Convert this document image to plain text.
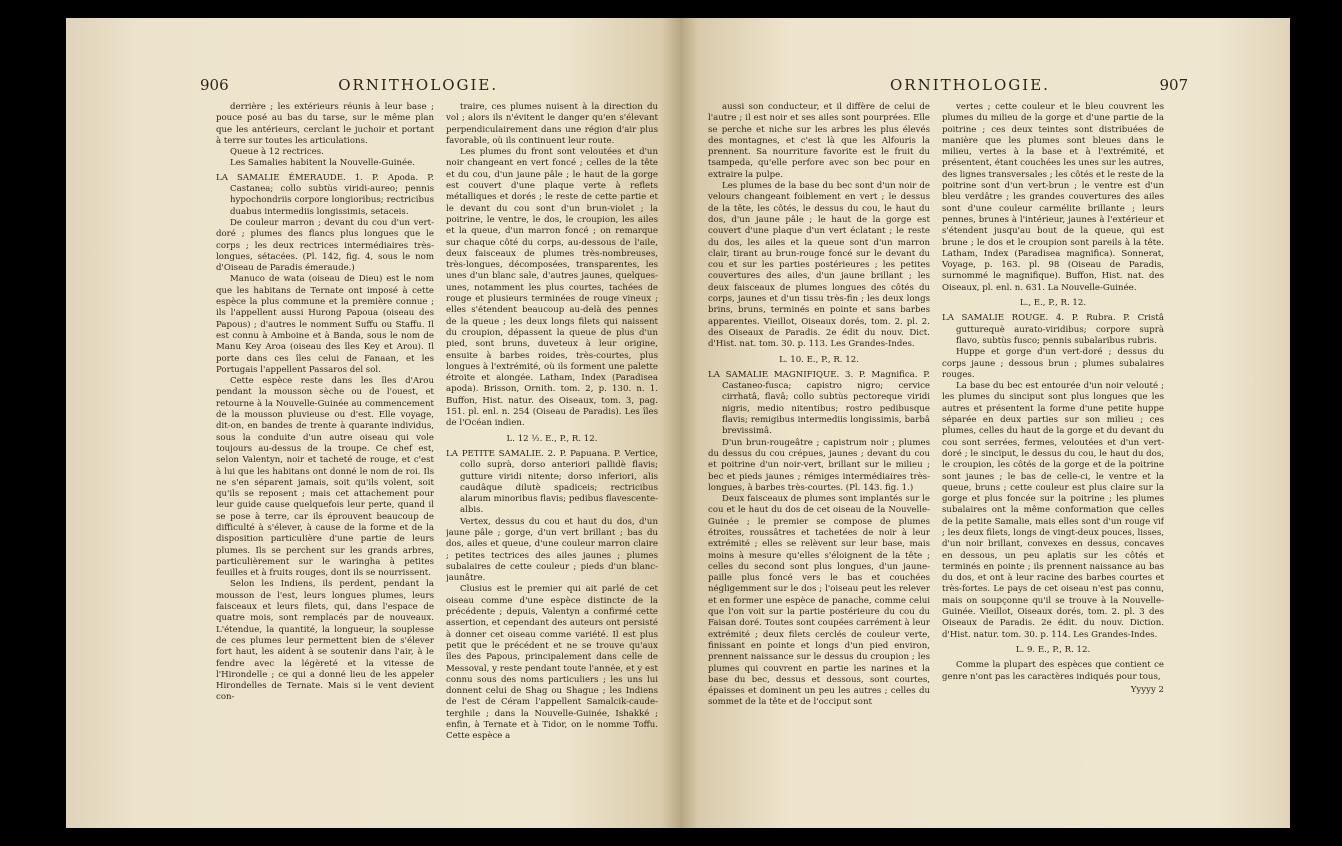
906	ORNITHOLOGIE.

derrière ; les extérieurs réunis à leur base ; pouce posé au bas du tarse, sur le même plan que les antérieurs, cerclant le juchoir et portant à terre sur toutes les articulations.

Queue à 12 rectrices.

Les Samalies habitent la Nouvelle-Guinée.

LA SAMALIE ÉMERAUDE. 1. P. Apoda. P. Castanea; collo subtùs viridi-aureo; pennis hypochondriis corpore longioribus; rectricibus duabus intermediis longissimis, setaceis.

De couleur marron ; devant du cou d'un vert-doré ; plumes des flancs plus longues que le corps ; les deux rectrices intermédiaires très-longues, sétacées. (Pl. 142, fig. 4, sous le nom d'Oiseau de Paradis émeraude.)

Manuco de wata (oiseau de Dieu) est le nom que les habitans de Ternate ont imposé à cette espèce la plus commune et la première connue ; ils l'appellent aussi Hurong Papoua (oiseau des Papous) ; d'autres le nomment Suffu ou Staffu. Il est connu à Amboine et à Banda, sous le nom de Manu Key Aroa (oiseau des îles Key et Arou). Il porte dans ces îles celui de Fanaan, et les Portugais l'appellent Passaros del sol.

Cette espèce reste dans les îles d'Arou pendant la mousson sèche ou de l'ouest, et retourne à la Nouvelle-Guinée au commencement de la mousson pluvieuse ou d'est. Elle voyage, dit-on, en bandes de trente à quarante individus, sous la conduite d'un autre oiseau qui vole toujours au-dessus de la troupe. Ce chef est, selon Valentyn, noir et tacheté de rouge, et c'est à lui que les habitans ont donné le nom de roi. Ils ne s'en séparent jamais, soit qu'ils volent, soit qu'ils se reposent ; mais cet attachement pour leur guide cause quelquefois leur perte, quand il se pose à terre, car ils éprouvent beaucoup de difficulté à s'élever, à cause de la forme et de la disposition particulière d'une partie de leurs plumes. Ils se perchent sur les grands arbres, particulièrement sur le waringha à petites feuilles et à fruits rouges, dont ils se nourrissent.

Selon les Indiens, ils perdent, pendant la mousson de l'est, leurs longues plumes, leurs faisceaux et leurs filets, qui, dans l'espace de quatre mois, sont remplacés par de nouveaux. L'étendue, la quantité, la longueur, la souplesse de ces plumes leur permettent bien de s'élever fort haut, les aident à se soutenir dans l'air, à le fendre avec la légèreté et la vitesse de l'Hirondelle ; ce qui a donné lieu de les appeler Hirondelles de Ternate. Mais si le vent devient con-

traire, ces plumes nuisent à la direction du vol ; alors ils n'évitent le danger qu'en s'élevant perpendiculairement dans une région d'air plus favorable, où ils continuent leur route.

Les plumes du front sont veloutées et d'un noir changeant en vert foncé ; celles de la tête et du cou, d'un jaune pâle ; le haut de la gorge est couvert d'une plaque verte à reflets métalliques et dorés ; le reste de cette partie et le devant du cou sont d'un brun-violet ; la poitrine, le ventre, le dos, le croupion, les ailes et la queue, d'un marron foncé ; on remarque sur chaque côté du corps, au-dessous de l'aile, deux faisceaux de plumes très-nombreuses, très-longues, décomposées, transparentes, les unes d'un blanc sale, d'autres jaunes, quelques-unes, notamment les plus courtes, tachées de rouge et plusieurs terminées de rouge vineux ; elles s'étendent beaucoup au-delà des pennes de la queue ; les deux longs filets qui naissent du croupion, dépassent la queue de plus d'un pied, sont bruns, duveteux à leur origine, ensuite à barbes roides, très-courtes, plus longues à l'extrémité, où ils forment une palette étroite et alongée. Latham, Index (Paradisea apoda). Brisson, Ornith. tom. 2, p. 130. n. 1. Buffon, Hist. natur. des Oiseaux, tom. 3, pag. 151. pl. enl. n. 254 (Oiseau de Paradis). Les îles de l'Océan indien.

L. 12 ½. E., P., R. 12.

LA PETITE SAMALIE. 2. P. Papuana. P. Vertice, collo suprà, dorso anteriori pallidè flavis; gutture viridi nitente; dorso inferiori, alis caudâque dilutè spadiceis; rectricibus alarum minoribus flavis; pedibus flavescente-albis.

Vertex, dessus du cou et haut du dos, d'un jaune pâle ; gorge, d'un vert brillant ; bas du dos, ailes et queue, d'une couleur marron claire ; petites tectrices des ailes jaunes ; plumes subalaires de cette couleur ; pieds d'un blanc-jaunâtre.

Clusius est le premier qui ait parlé de cet oiseau comme d'une espèce distincte de la précédente ; depuis, Valentyn a confirmé cette assertion, et cependant des auteurs ont persisté à donner cet oiseau comme variété. Il est plus petit que le précédent et ne se trouve qu'aux îles des Papous, principalement dans celle de Messoval, y reste pendant toute l'année, et y est connu sous des noms particuliers ; les uns lui donnent celui de Shag ou Shague ; les Indiens de l'est de Céram l'appellent Samalcik-caude-terghile ; dans la Nouvelle-Guinée, Ishakké ; enfin, à Ternate et à Tidor, on le nomme Toffu. Cette espèce a

ORNITHOLOGIE.	907

aussi son conducteur, et il diffère de celui de l'autre ; il est noir et ses ailes sont pourprées. Elle se perche et niche sur les arbres les plus élevés des montagnes, et c'est là que les Alfouris la prennent. Sa nourriture favorite est le fruit du tsampeda, qu'elle perfore avec son bec pour en extraire la pulpe.

Les plumes de la base du bec sont d'un noir de velours changeant foiblement en vert ; le dessus de la tête, les côtés, le dessus du cou, le haut du dos, d'un jaune pâle ; le haut de la gorge est couvert d'une plaque d'un vert éclatant ; le reste du dos, les ailes et la queue sont d'un marron clair, tirant au brun-rouge foncé sur le devant du cou et sur les parties postérieures ; les petites couvertures des ailes, d'un jaune brillant ; les deux faisceaux de plumes longues des côtés du corps, jaunes et d'un tissu très-fin ; les deux longs brins, bruns, terminés en pointe et sans barbes apparentes. Vieillot, Oiseaux dorés, tom. 2. pl. 2. des Oiseaux de Paradis. 2e édit du nouv. Dict. d'Hist. nat. tom. 30. p. 113. Les Grandes-Indes.

L. 10. E., P., R. 12.

LA SAMALIE MAGNIFIQUE. 3. P. Magnifica. P. Castaneo-fusca; capistro nigro; cervice cirrhatâ, flavâ; collo subtùs pectoreque viridi nigris, medio nitentibus; rostro pedibusque flavis; remigibus intermediis longissimis, barbâ brevissimâ.

D'un brun-rougeâtre ; capistrum noir ; plumes du dessus du cou crépues, jaunes ; devant du cou et poitrine d'un noir-vert, brillant sur le milieu ; bec et pieds jaunes ; rémiges intermédiaires très-longues, à barbes très-courtes. (Pl. 143. fig. 1.)

Deux faisceaux de plumes sont implantés sur le cou et le haut du dos de cet oiseau de la Nouvelle-Guinée ; le premier se compose de plumes étroites, roussâtres et tachetées de noir à leur extrémité ; elles se relèvent sur leur base, mais moins à mesure qu'elles s'éloignent de la tête ; celles du second sont plus longues, d'un jaune-paille plus foncé vers le bas et couchées négligemment sur le dos ; l'oiseau peut les relever et en former une espèce de panache, comme celui que l'on voit sur la partie postérieure du cou du Faisan doré. Toutes sont coupées carrément à leur extrémité ; deux filets cerclés de couleur verte, finissant en pointe et longs d'un pied environ, prennent naissance sur le dessus du croupion ; les plumes qui couvrent en partie les narines et la base du bec, dessus et dessous, sont courtes, épaisses et dominent un peu les autres ; celles du sommet de la tête et de l'occiput sont

vertes ; cette couleur et le bleu couvrent les plumes du milieu de la gorge et d'une partie de la poitrine ; ces deux teintes sont distribuées de manière que les plumes sont bleues dans le milieu, vertes à la base et à l'extrémité, et présentent, étant couchées les unes sur les autres, des lignes transversales ; les côtés et le reste de la poitrine sont d'un vert-brun ; le ventre est d'un bleu verdâtre ; les grandes couvertures des ailes sont d'une couleur carmélite brillante ; leurs pennes, brunes à l'intérieur, jaunes à l'extérieur et s'étendent jusqu'au bout de la queue, qui est brune ; le dos et le croupion sont pareils à la tête. Latham, Index (Paradisea magnifica). Sonnerat, Voyage, p. 163. pl. 98 (Oiseau de Paradis, surnommé le magnifique). Buffon, Hist. nat. des Oiseaux, pl. enl. n. 631. La Nouvelle-Guinée.

L., E., P., R. 12.

LA SAMALIE ROUGE. 4. P. Rubra. P. Cristâ gutturequè aurato-viridibus; corpore suprà flavo, subtùs fusco; pennis subalaribus rubris.

Huppe et gorge d'un vert-doré ; dessus du corps jaune ; dessous brun ; plumes subalaires rouges.

La base du bec est entourée d'un noir velouté ; les plumes du sinciput sont plus longues que les autres et présentent la forme d'une petite huppe séparée en deux parties sur son milieu ; ces plumes, celles du haut de la gorge et du devant du cou sont serrées, fermes, veloutées et d'un vert-doré ; le sinciput, le dessus du cou, le haut du dos, le croupion, les côtés de la gorge et de la poitrine sont jaunes ; le bas de celle-ci, le ventre et la queue, bruns ; cette couleur est plus claire sur la gorge et plus foncée sur la poitrine ; les plumes subalaires ont la même conformation que celles de la petite Samalie, mais elles sont d'un rouge vif ; les deux filets, longs de vingt-deux pouces, lisses, d'un noir brillant, convexes en dessus, concaves en dessous, un peu aplatis sur les côtés et terminés en pointe ; ils prennent naissance au bas du dos, et ont à leur racine des barbes courtes et très-fortes. Le pays de cet oiseau n'est pas connu, mais on soupçonne qu'il se trouve à la Nouvelle-Guinée. Vieillot, Oiseaux dorés, tom. 2. pl. 3 des Oiseaux de Paradis. 2e édit. du nouv. Diction. d'Hist. natur. tom. 30. p. 114. Les Grandes-Indes.

L. 9. E., P., R. 12.

Comme la plupart des espèces que contient ce genre n'ont pas les caractères indiqués pour tous,

Yyyyy 2
